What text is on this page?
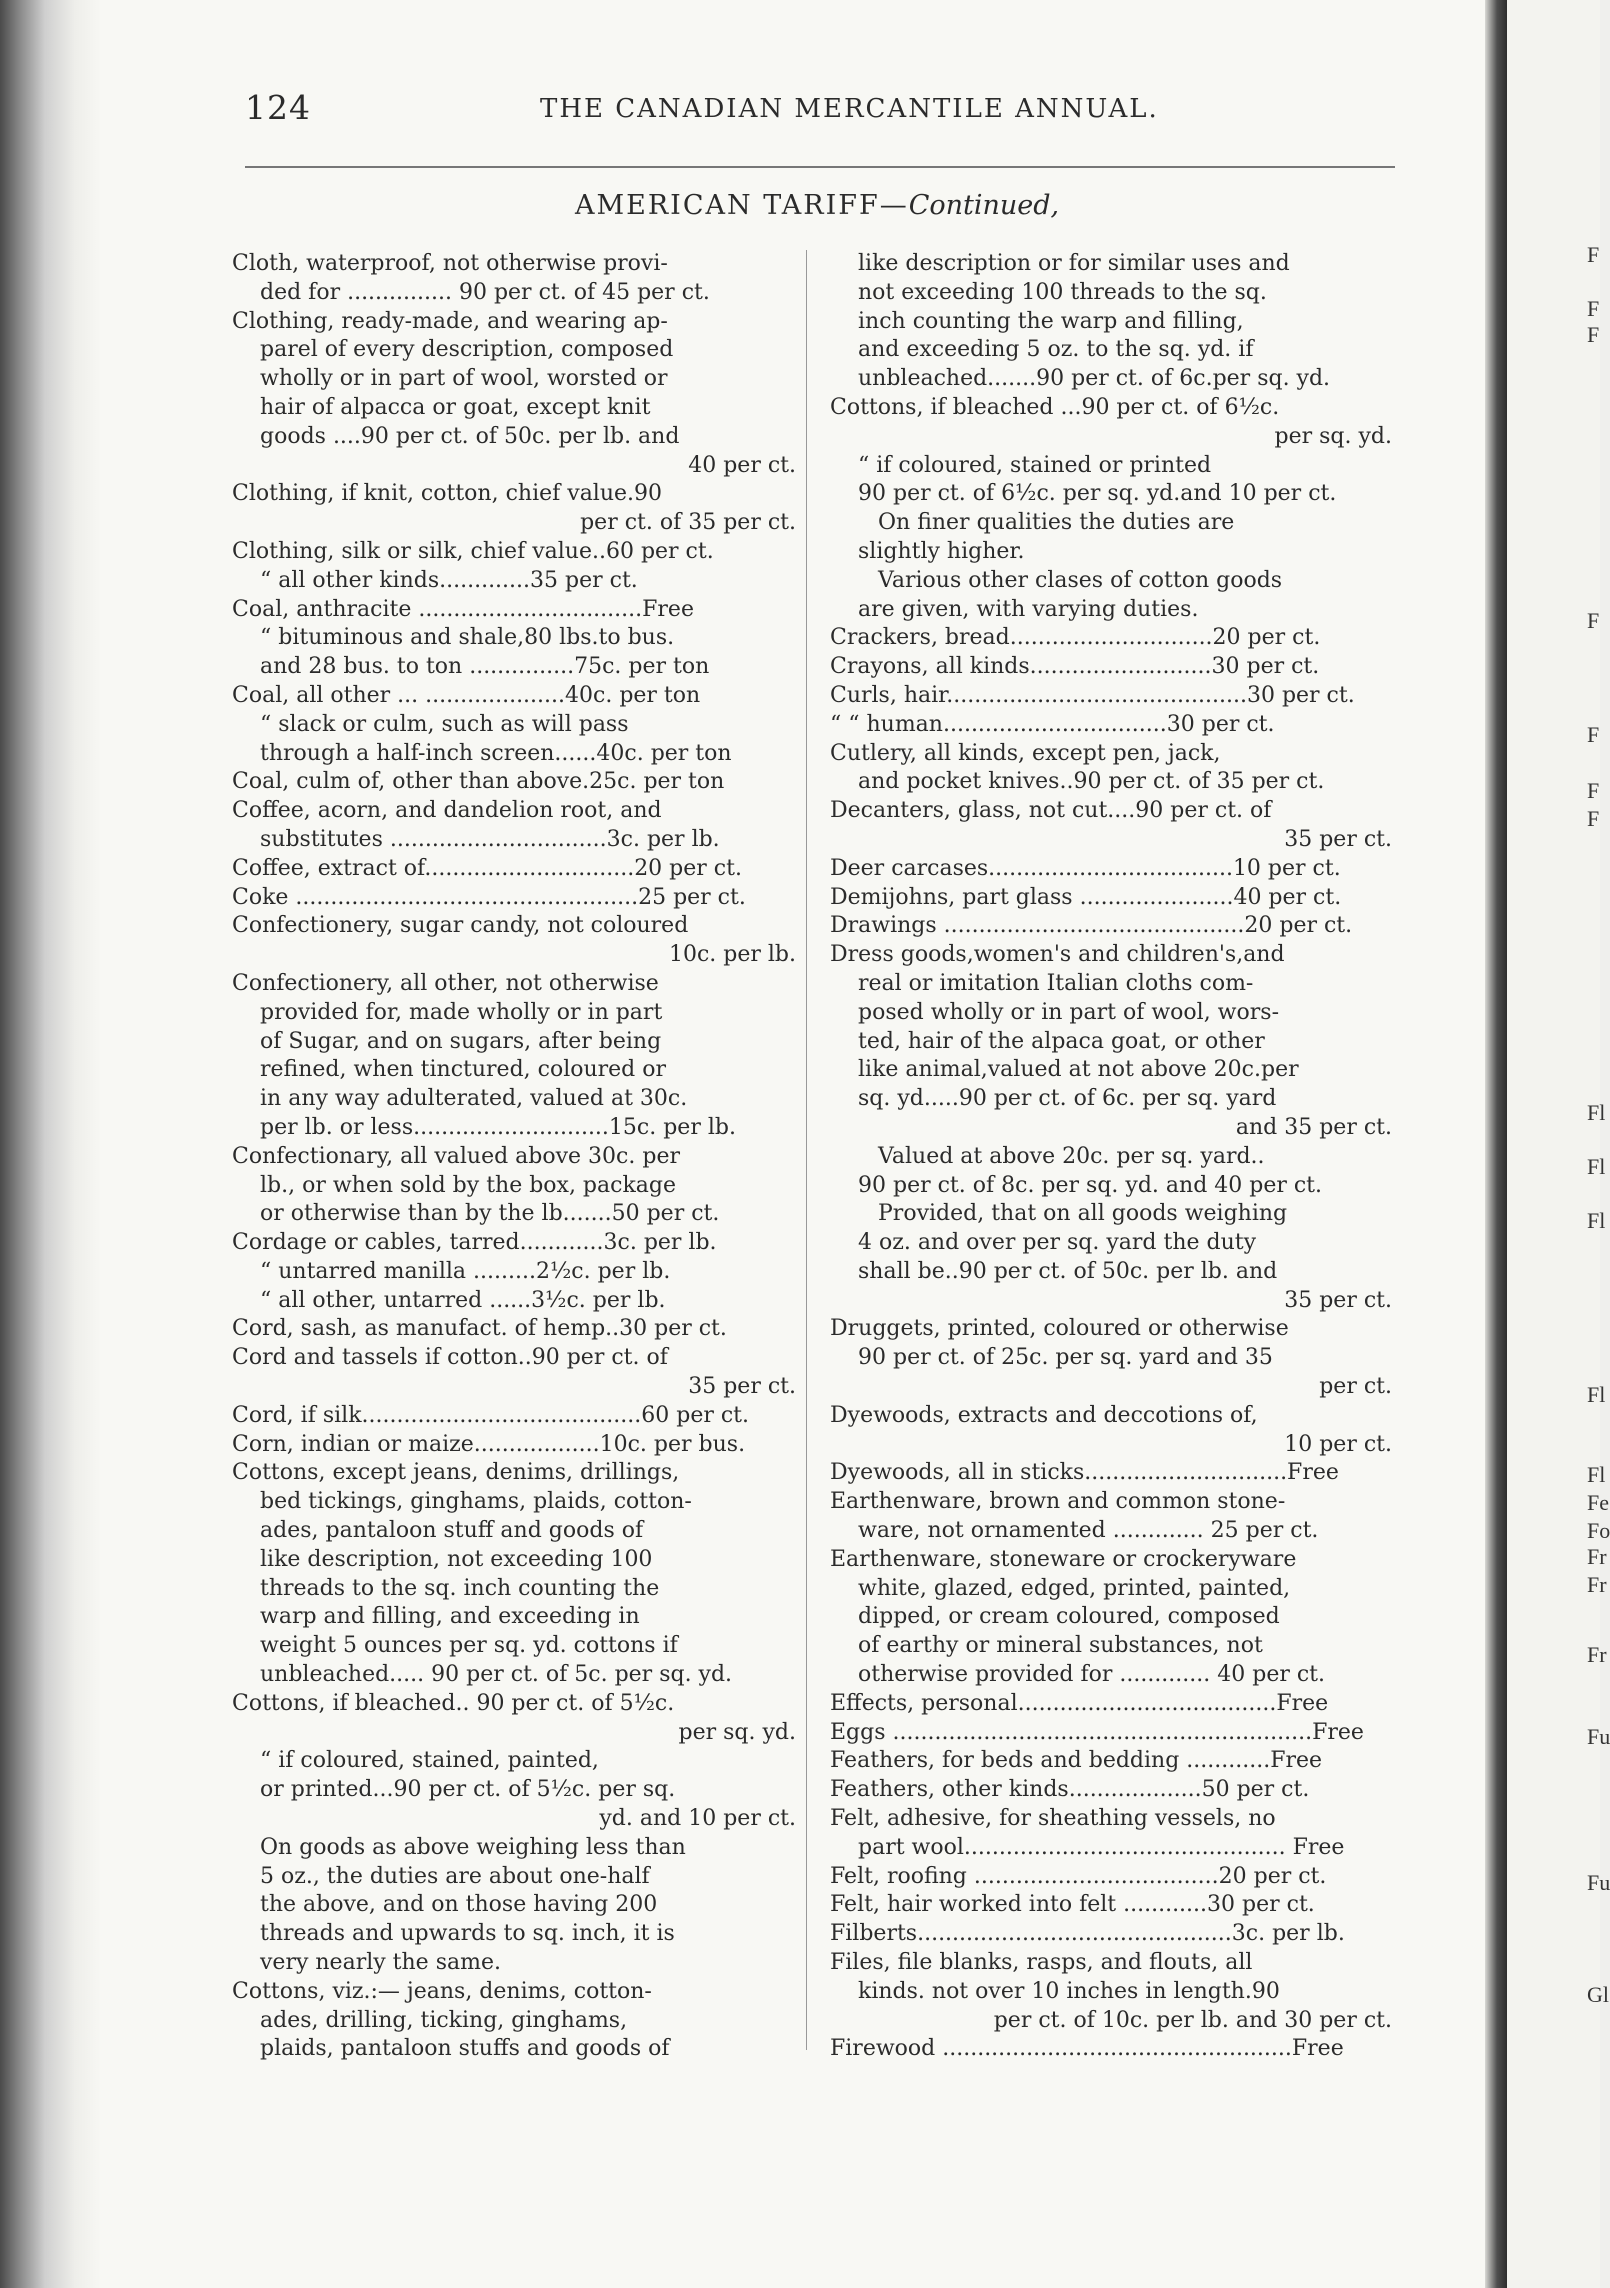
F
F
F
F
F
F
F
Fl
Fl
Fl
Fl
Fl
Fe
Fo
Fr
Fr
Fr
Fu
Fu
Gl
124	THE CANADIAN MERCANTILE ANNUAL.
AMERICAN TARIFF—Continued,
Cloth, waterproof, not otherwise provi-
ded for ............... 90 per ct. of 45 per ct.
Clothing, ready-made, and wearing ap-
parel of every description, composed
wholly or in part of wool, worsted or
hair of alpacca or goat, except knit
goods ....90 per ct. of 50c. per lb. and
40 per ct.
Clothing, if knit, cotton, chief value.90
per ct. of 35 per ct.
Clothing, silk or silk, chief value..60 per ct.
“ all other kinds.............35 per ct.
Coal, anthracite ................................Free
“ bituminous and shale,80 lbs.to bus.
and 28 bus. to ton ...............75c. per ton
Coal, all other ... ....................40c. per ton
“ slack or culm, such as will pass
through a half-inch screen......40c. per ton
Coal, culm of, other than above.25c. per ton
Coffee, acorn, and dandelion root, and
substitutes ...............................3c. per lb.
Coffee, extract of..............................20 per ct.
Coke .................................................25 per ct.
Confectionery, sugar candy, not coloured
10c. per lb.
Confectionery, all other, not otherwise
provided for, made wholly or in part
of Sugar, and on sugars, after being
refined, when tinctured, coloured or
in any way adulterated, valued at 30c.
per lb. or less............................15c. per lb.
Confectionary, all valued above 30c. per
lb., or when sold by the box, package
or otherwise than by the lb.......50 per ct.
Cordage or cables, tarred............3c. per lb.
“ untarred manilla .........2½c. per lb.
“ all other, untarred ......3½c. per lb.
Cord, sash, as manufact. of hemp..30 per ct.
Cord and tassels if cotton..90 per ct. of
35 per ct.
Cord, if silk........................................60 per ct.
Corn, indian or maize..................10c. per bus.
Cottons, except jeans, denims, drillings,
bed tickings, ginghams, plaids, cotton-
ades, pantaloon stuff and goods of
like description, not exceeding 100
threads to the sq. inch counting the
warp and filling, and exceeding in
weight 5 ounces per sq. yd. cottons if
unbleached..... 90 per ct. of 5c. per sq. yd.
Cottons, if bleached.. 90 per ct. of 5½c.
per sq. yd.
“ if coloured, stained, painted,
or printed...90 per ct. of 5½c. per sq.
yd. and 10 per ct.
On goods as above weighing less than
5 oz., the duties are about one-half
the above, and on those having 200
threads and upwards to sq. inch, it is
very nearly the same.
Cottons, viz.:— jeans, denims, cotton-
ades, drilling, ticking, ginghams,
plaids, pantaloon stuffs and goods of
like description or for similar uses and
not exceeding 100 threads to the sq.
inch counting the warp and filling,
and exceeding 5 oz. to the sq. yd. if
unbleached.......90 per ct. of 6c.per sq. yd.
Cottons, if bleached ...90 per ct. of 6½c.
per sq. yd.
“ if coloured, stained or printed
90 per ct. of 6½c. per sq. yd.and 10 per ct.
On finer qualities the duties are
slightly higher.
Various other clases of cotton goods
are given, with varying duties.
Crackers, bread.............................20 per ct.
Crayons, all kinds..........................30 per ct.
Curls, hair...........................................30 per ct.
“ “ human................................30 per ct.
Cutlery, all kinds, except pen, jack,
and pocket knives..90 per ct. of 35 per ct.
Decanters, glass, not cut....90 per ct. of
35 per ct.
Deer carcases...................................10 per ct.
Demijohns, part glass ......................40 per ct.
Drawings ...........................................20 per ct.
Dress goods,women's and children's,and
real or imitation Italian cloths com-
posed wholly or in part of wool, wors-
ted, hair of the alpaca goat, or other
like animal,valued at not above 20c.per
sq. yd.....90 per ct. of 6c. per sq. yard
and 35 per ct.
Valued at above 20c. per sq. yard..
90 per ct. of 8c. per sq. yd. and 40 per ct.
Provided, that on all goods weighing
4 oz. and over per sq. yard the duty
shall be..90 per ct. of 50c. per lb. and
35 per ct.
Druggets, printed, coloured or otherwise
90 per ct. of 25c. per sq. yard and 35
per ct.
Dyewoods, extracts and deccotions of,
10 per ct.
Dyewoods, all in sticks.............................Free
Earthenware, brown and common stone-
ware, not ornamented ............. 25 per ct.
Earthenware, stoneware or crockeryware
white, glazed, edged, printed, painted,
dipped, or cream coloured, composed
of earthy or mineral substances, not
otherwise provided for ............. 40 per ct.
Effects, personal.....................................Free
Eggs ............................................................Free
Feathers, for beds and bedding ............Free
Feathers, other kinds...................50 per ct.
Felt, adhesive, for sheathing vessels, no
part wool.............................................. Free
Felt, roofing ...................................20 per ct.
Felt, hair worked into felt ............30 per ct.
Filberts.............................................3c. per lb.
Files, file blanks, rasps, and flouts, all
kinds. not over 10 inches in length.90
per ct. of 10c. per lb. and 30 per ct.
Firewood ..................................................Free
